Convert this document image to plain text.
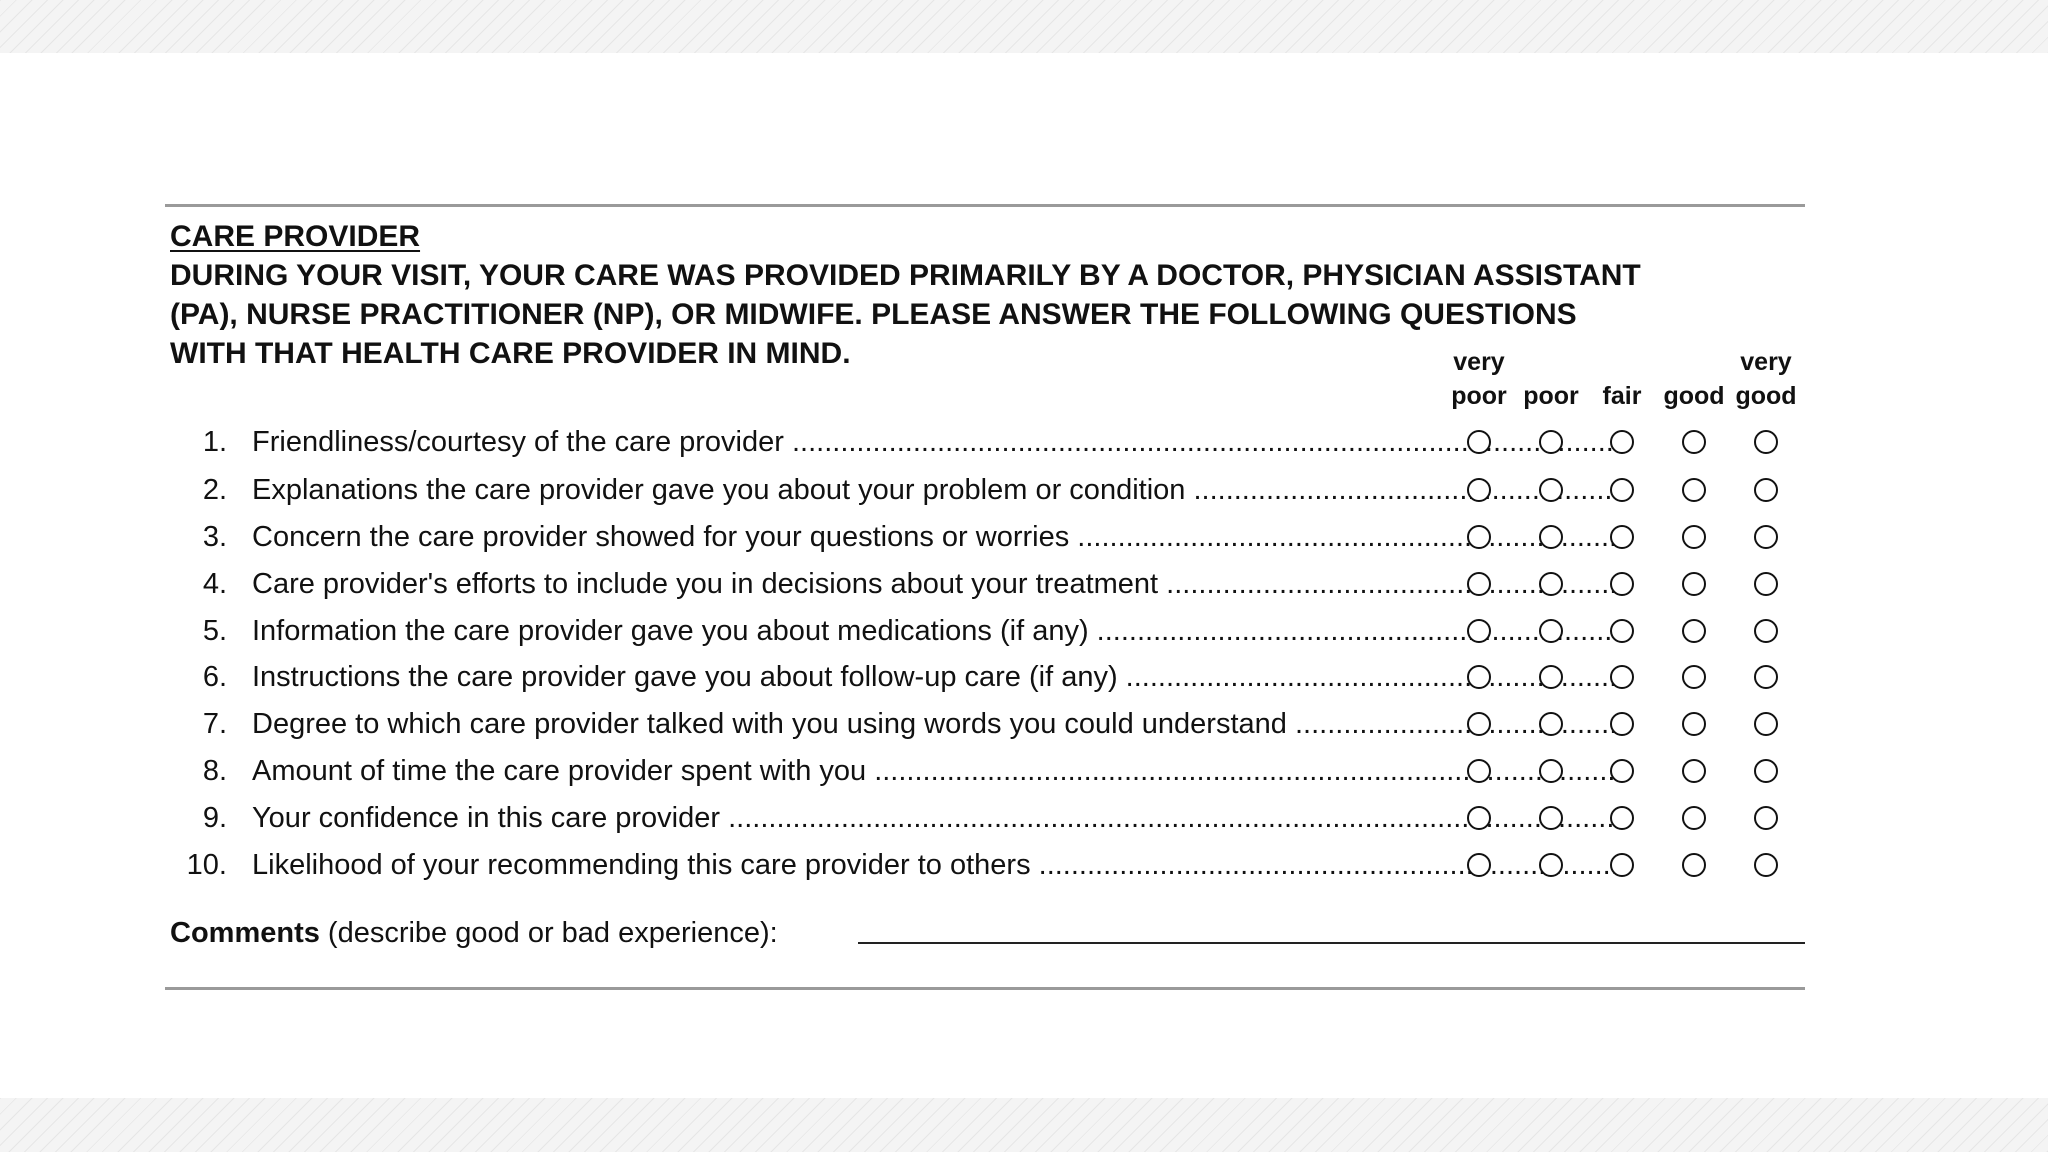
CARE PROVIDER
DURING YOUR VISIT, YOUR CARE WAS PROVIDED PRIMARILY BY A DOCTOR, PHYSICIAN ASSISTANT
(PA), NURSE PRACTITIONER (NP), OR MIDWIFE. PLEASE ANSWER THE FOLLOWING QUESTIONS
WITH THAT HEALTH CARE PROVIDER IN MIND.	very
poor
poor
fair
good
very
good
1. Friendliness/courtesy of the care provider .....
2. Explanations the care provider gave you about your problem or condition .....
3. Concern the care provider showed for your questions or worries .....
4. Care provider's efforts to include you in decisions about your treatment .....
5. Information the care provider gave you about medications (if any) .....
6. Instructions the care provider gave you about follow-up care (if any) .....
7. Degree to which care provider talked with you using words you could understand .....
8. Amount of time the care provider spent with you .....
9. Your confidence in this care provider .....
10. Likelihood of your recommending this care provider to others .....
Comments (describe good or bad experience):
